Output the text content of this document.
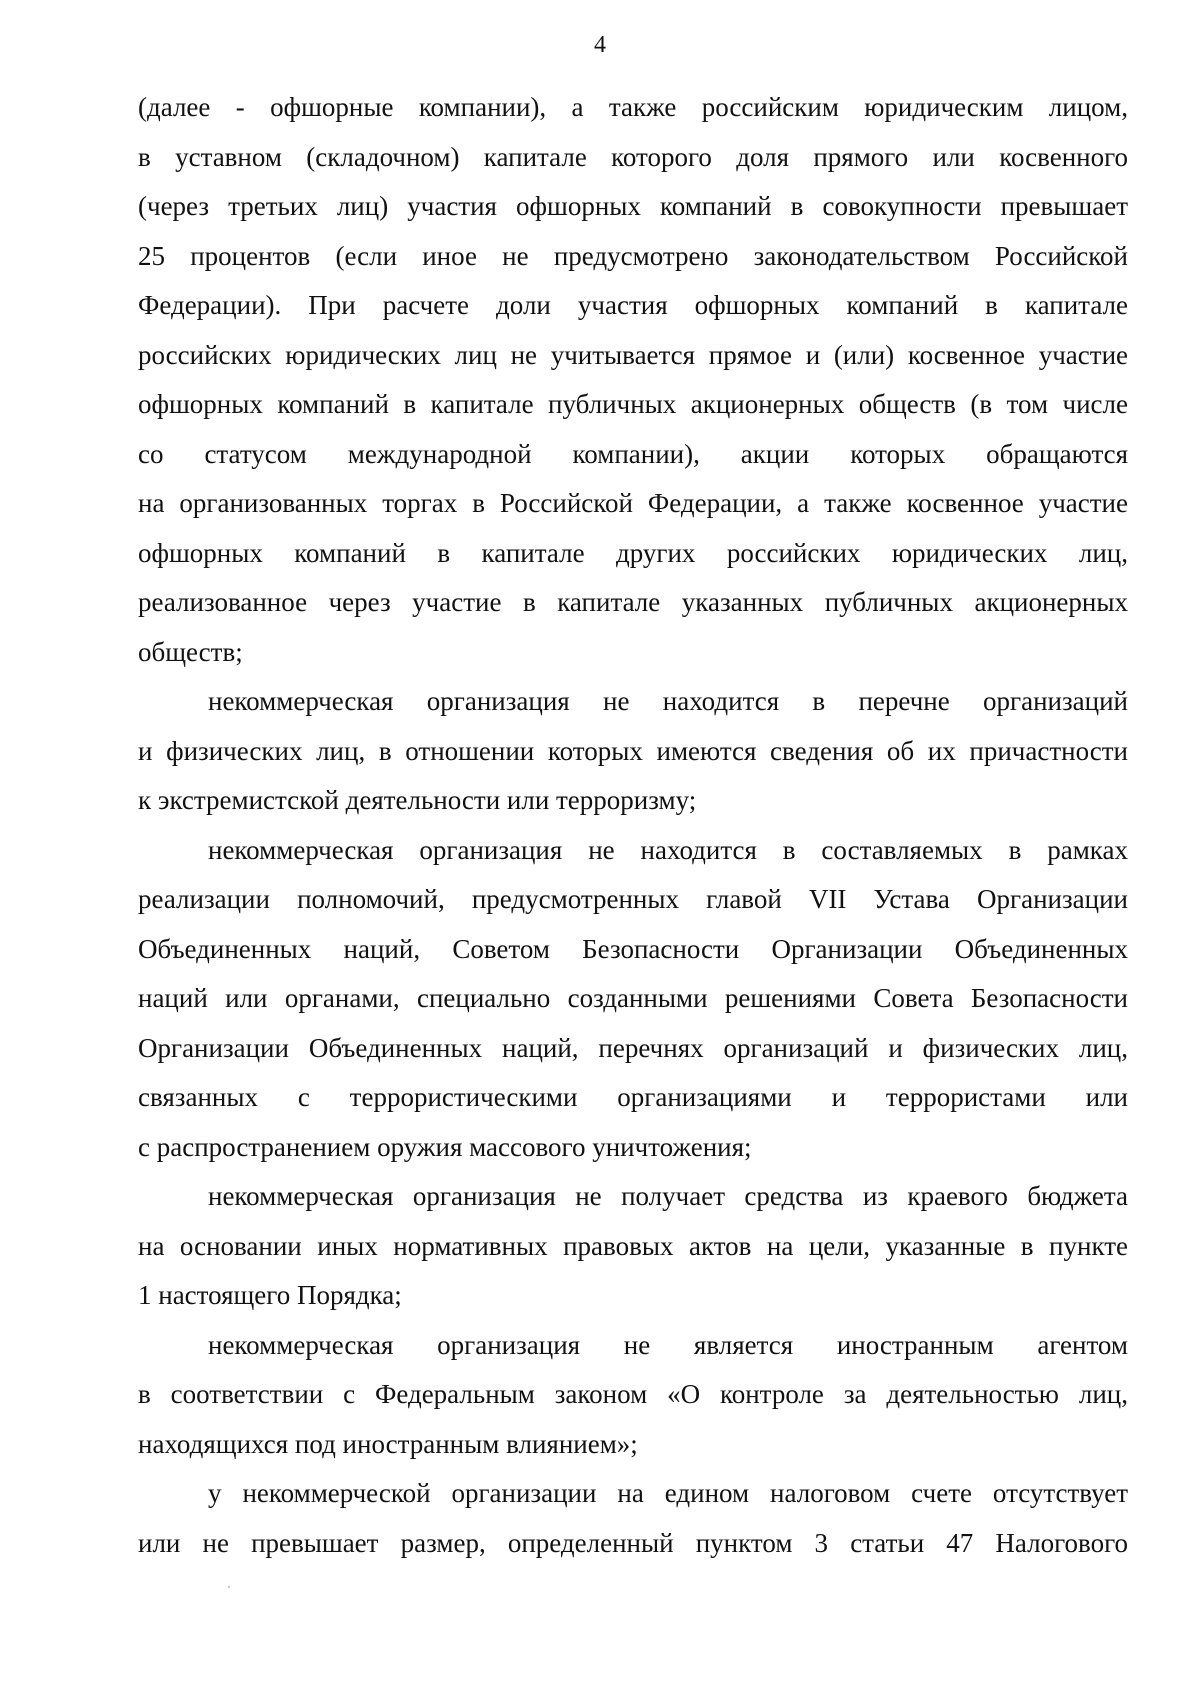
4
(далее - офшорные компании), а также российским юридическим лицом,
в уставном (складочном) капитале которого доля прямого или косвенного
(через третьих лиц) участия офшорных компаний в совокупности превышает
25 процентов (если иное не предусмотрено законодательством Российской
Федерации). При расчете доли участия офшорных компаний в капитале
российских юридических лиц не учитывается прямое и (или) косвенное участие
офшорных компаний в капитале публичных акционерных обществ (в том числе
со статусом международной компании), акции которых обращаются
на организованных торгах в Российской Федерации, а также косвенное участие
офшорных компаний в капитале других российских юридических лиц,
реализованное через участие в капитале указанных публичных акционерных
обществ;
некоммерческая организация не находится в перечне организаций
и физических лиц, в отношении которых имеются сведения об их причастности
к экстремистской деятельности или терроризму;
некоммерческая организация не находится в составляемых в рамках
реализации полномочий, предусмотренных главой VII Устава Организации
Объединенных наций, Советом Безопасности Организации Объединенных
наций или органами, специально созданными решениями Совета Безопасности
Организации Объединенных наций, перечнях организаций и физических лиц,
связанных с террористическими организациями и террористами или
с распространением оружия массового уничтожения;
некоммерческая организация не получает средства из краевого бюджета
на основании иных нормативных правовых актов на цели, указанные в пункте
1 настоящего Порядка;
некоммерческая организация не является иностранным агентом
в соответствии с Федеральным законом «О контроле за деятельностью лиц,
находящихся под иностранным влиянием»;
у некоммерческой организации на едином налоговом счете отсутствует
или не превышает размер, определенный пунктом 3 статьи 47 Налогового
